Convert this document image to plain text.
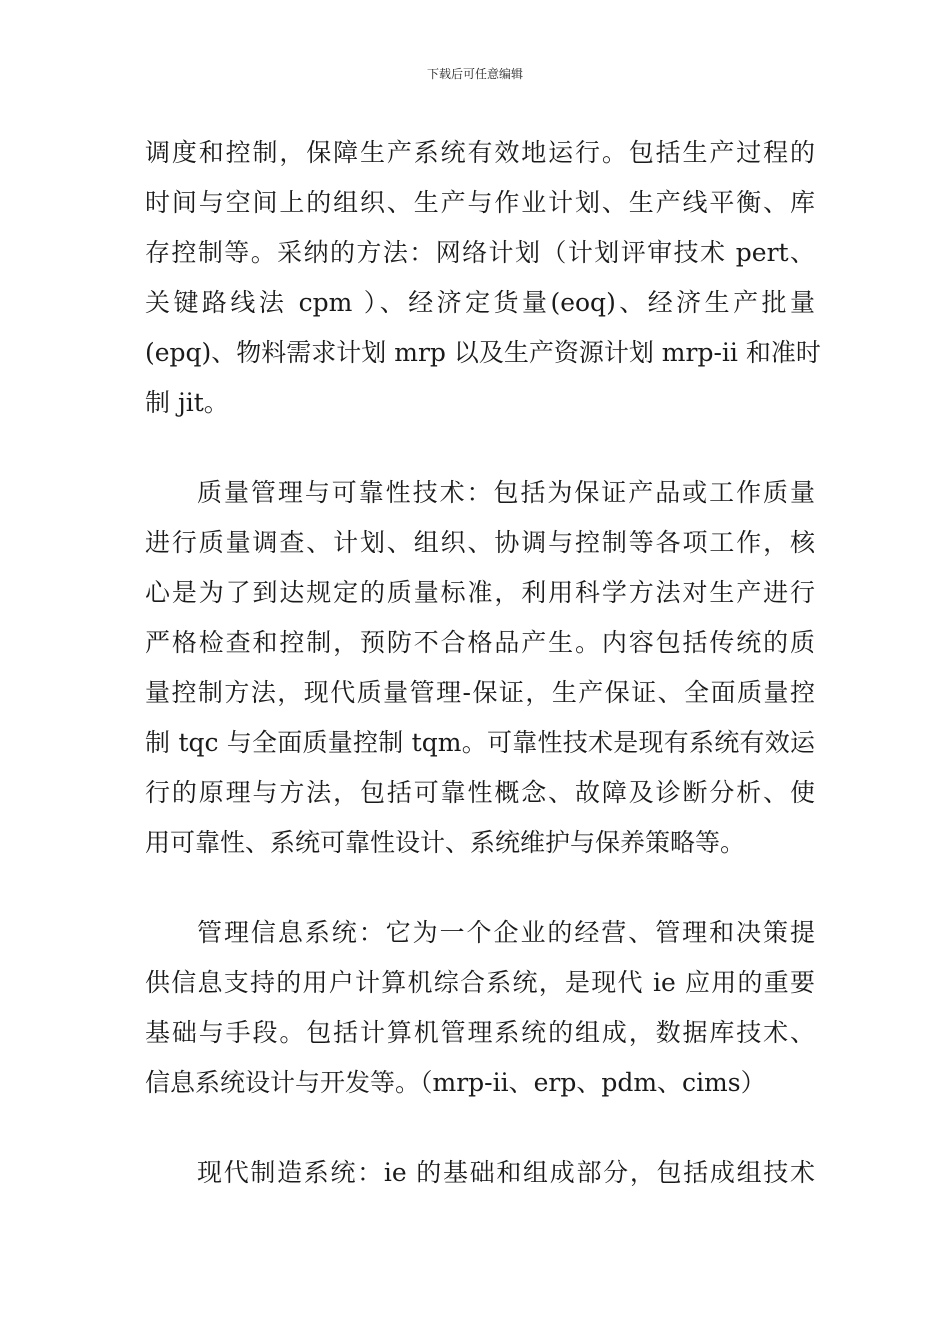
下载后可任意编辑
调度和控制，保障生产系统有效地运行。包括生产过程的
时间与空间上的组织、生产与作业计划、生产线平衡、库
存控制等。采纳的方法：网络计划（计划评审技术 pert、
关键路线法 cpm ）、经济定货量(eoq)、经济生产批量
(epq)、物料需求计划 mrp 以及生产资源计划 mrp-ii 和准时
制 jit。
质量管理与可靠性技术：包括为保证产品或工作质量
进行质量调查、计划、组织、协调与控制等各项工作，核
心是为了到达规定的质量标准，利用科学方法对生产进行
严格检查和控制，预防不合格品产生。内容包括传统的质
量控制方法，现代质量管理-保证，生产保证、全面质量控
制 tqc 与全面质量控制 tqm。可靠性技术是现有系统有效运
行的原理与方法，包括可靠性概念、故障及诊断分析、使
用可靠性、系统可靠性设计、系统维护与保养策略等。
管理信息系统：它为一个企业的经营、管理和决策提
供信息支持的用户计算机综合系统，是现代 ie 应用的重要
基础与手段。包括计算机管理系统的组成，数据库技术、
信息系统设计与开发等。（mrp-ii、erp、pdm、cims）
现代制造系统：ie 的基础和组成部分，包括成组技术
